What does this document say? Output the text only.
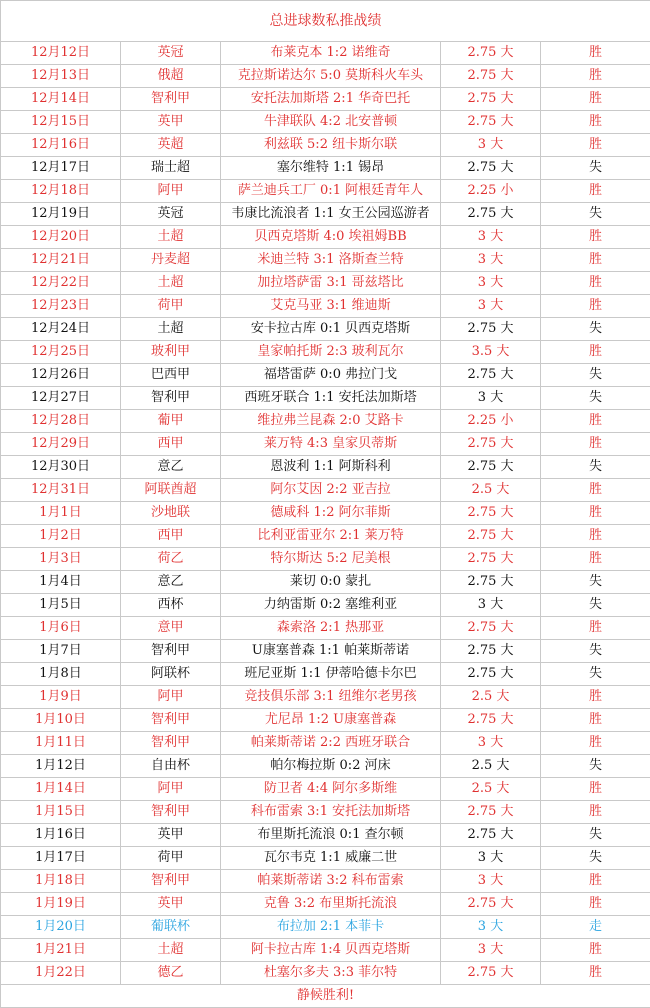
总进球数私推战绩				
12月12日	英冠	布莱克本 1:2 诺维奇	2.75 大	胜
12月13日	俄超	克拉斯诺达尔 5:0 莫斯科火车头	2.75 大	胜
12月14日	智利甲	安托法加斯塔 2:1 华奇巴托	2.75 大	胜
12月15日	英甲	牛津联队 4:2 北安普顿	2.75 大	胜
12月16日	英超	利兹联 5:2 纽卡斯尔联	3 大	胜
12月17日	瑞士超	塞尔维特 1:1 锡昂	2.75 大	失
12月18日	阿甲	萨兰迪兵工厂 0:1 阿根廷青年人	2.25 小	胜
12月19日	英冠	韦康比流浪者 1:1 女王公园巡游者	2.75 大	失
12月20日	土超	贝西克塔斯 4:0 埃祖姆BB	3 大	胜
12月21日	丹麦超	米迪兰特 3:1 洛斯查兰特	3 大	胜
12月22日	土超	加拉塔萨雷 3:1 哥兹塔比	3 大	胜
12月23日	荷甲	艾克马亚 3:1 维迪斯	3 大	胜
12月24日	土超	安卡拉古库 0:1 贝西克塔斯	2.75 大	失
12月25日	玻利甲	皇家帕托斯 2:3 玻利瓦尔	3.5 大	胜
12月26日	巴西甲	福塔雷萨 0:0 弗拉门戈	2.75 大	失
12月27日	智利甲	西班牙联合 1:1 安托法加斯塔	3 大	失
12月28日	葡甲	维拉弗兰昆森 2:0 艾路卡	2.25 小	胜
12月29日	西甲	莱万特 4:3 皇家贝蒂斯	2.75 大	胜
12月30日	意乙	恩波利 1:1 阿斯科利	2.75 大	失
12月31日	阿联酋超	阿尔艾因 2:2 亚吉拉	2.5 大	胜
1月1日	沙地联	德咸科 1:2 阿尔菲斯	2.75 大	胜
1月2日	西甲	比利亚雷亚尔 2:1 莱万特	2.75 大	胜
1月3日	荷乙	特尔斯达 5:2 尼美根	2.75 大	胜
1月4日	意乙	莱切 0:0 蒙扎	2.75 大	失
1月5日	西杯	力纳雷斯 0:2 塞维利亚	3 大	失
1月6日	意甲	森索洛 2:1 热那亚	2.75 大	胜
1月7日	智利甲	U康塞普森 1:1 帕莱斯蒂诺	2.75 大	失
1月8日	阿联杯	班尼亚斯 1:1 伊蒂哈德卡尔巴	2.75 大	失
1月9日	阿甲	竞技俱乐部 3:1 纽维尔老男孩	2.5 大	胜
1月10日	智利甲	尤尼昂 1:2 U康塞普森	2.75 大	胜
1月11日	智利甲	帕莱斯蒂诺 2:2 西班牙联合	3 大	胜
1月12日	自由杯	帕尔梅拉斯 0:2 河床	2.5 大	失
1月14日	阿甲	防卫者 4:4 阿尔多斯维	2.5 大	胜
1月15日	智利甲	科布雷索 3:1 安托法加斯塔	2.75 大	胜
1月16日	英甲	布里斯托流浪 0:1 查尔顿	2.75 大	失
1月17日	荷甲	瓦尔韦克 1:1 威廉二世	3 大	失
1月18日	智利甲	帕莱斯蒂诺 3:2 科布雷索	3 大	胜
1月19日	英甲	克鲁 3:2 布里斯托流浪	2.75 大	胜
1月20日	葡联杯	布拉加 2:1 本菲卡	3 大	走
1月21日	土超	阿卡拉古库 1:4 贝西克塔斯	3 大	胜
1月22日	德乙	杜塞尔多夫 3:3 菲尔特	2.75 大	胜
静候胜利!				
